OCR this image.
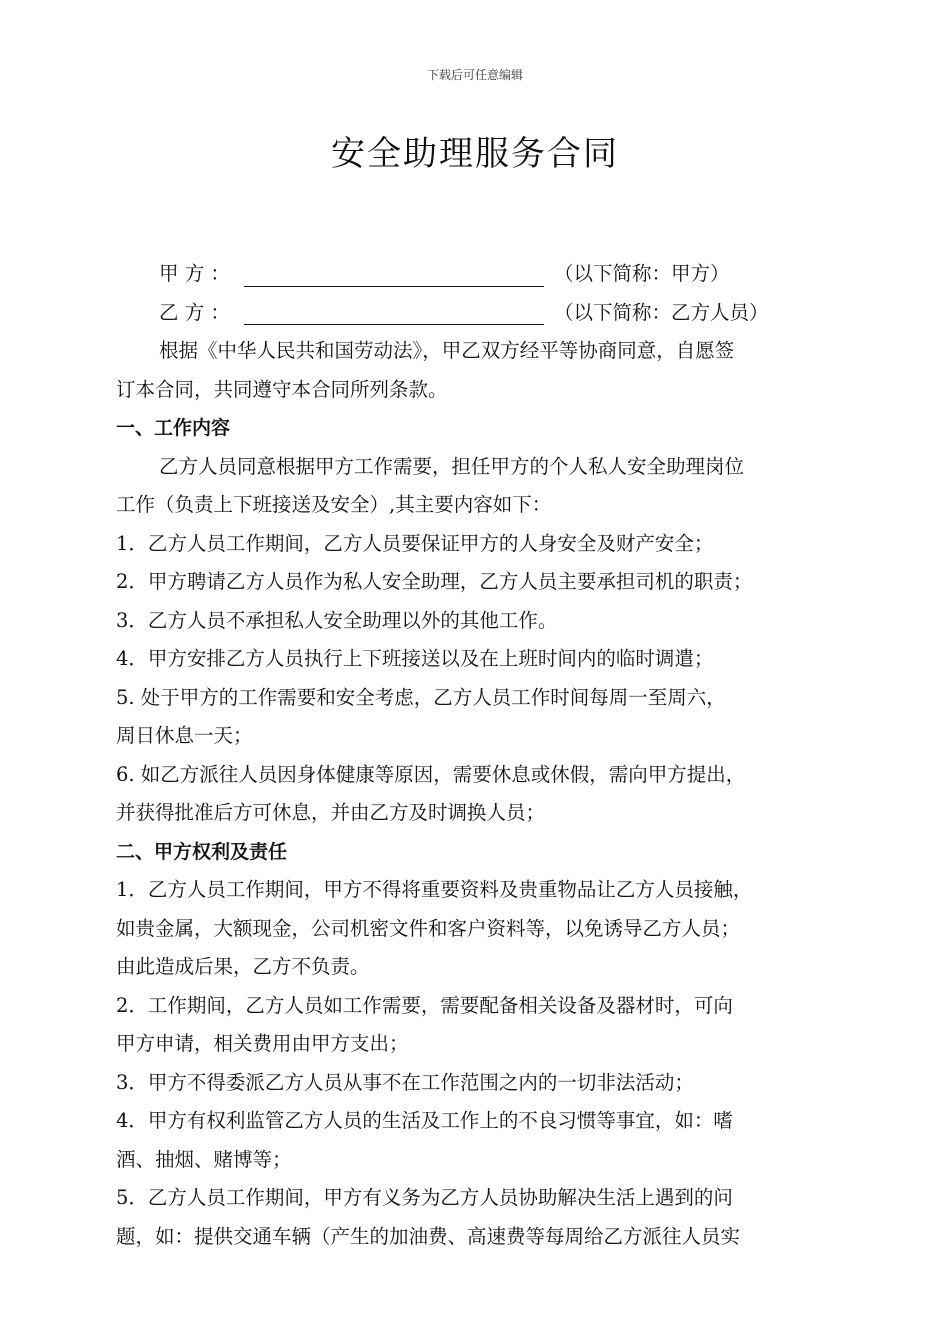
下载后可任意编辑
安全助理服务合同
甲 方 ：	（以下简称：甲方）
乙 方 ：	（以下简称：乙方人员）
根据《中华人民共和国劳动法》，甲乙双方经平等协商同意，自愿签
订本合同，共同遵守本合同所列条款。
一、工作内容
乙方人员同意根据甲方工作需要，担任甲方的个人私人安全助理岗位
工作（负责上下班接送及安全）,其主要内容如下：
1．乙方人员工作期间，乙方人员要保证甲方的人身安全及财产安全；
2．甲方聘请乙方人员作为私人安全助理，乙方人员主要承担司机的职责；
3．乙方人员不承担私人安全助理以外的其他工作。
4．甲方安排乙方人员执行上下班接送以及在上班时间内的临时调遣；
5. 处于甲方的工作需要和安全考虑，乙方人员工作时间每周一至周六，
周日休息一天；
6. 如乙方派往人员因身体健康等原因，需要休息或休假，需向甲方提出，
并获得批准后方可休息，并由乙方及时调换人员；
二、甲方权利及责任
1．乙方人员工作期间，甲方不得将重要资料及贵重物品让乙方人员接触，
如贵金属，大额现金，公司机密文件和客户资料等，以免诱导乙方人员；
由此造成后果，乙方不负责。
2．工作期间，乙方人员如工作需要，需要配备相关设备及器材时，可向
甲方申请，相关费用由甲方支出；
3．甲方不得委派乙方人员从事不在工作范围之内的一切非法活动；
4．甲方有权利监管乙方人员的生活及工作上的不良习惯等事宜，如：嗜
酒、抽烟、赌博等；
5．乙方人员工作期间，甲方有义务为乙方人员协助解决生活上遇到的问
题，如：提供交通车辆（产生的加油费、高速费等每周给乙方派往人员实
